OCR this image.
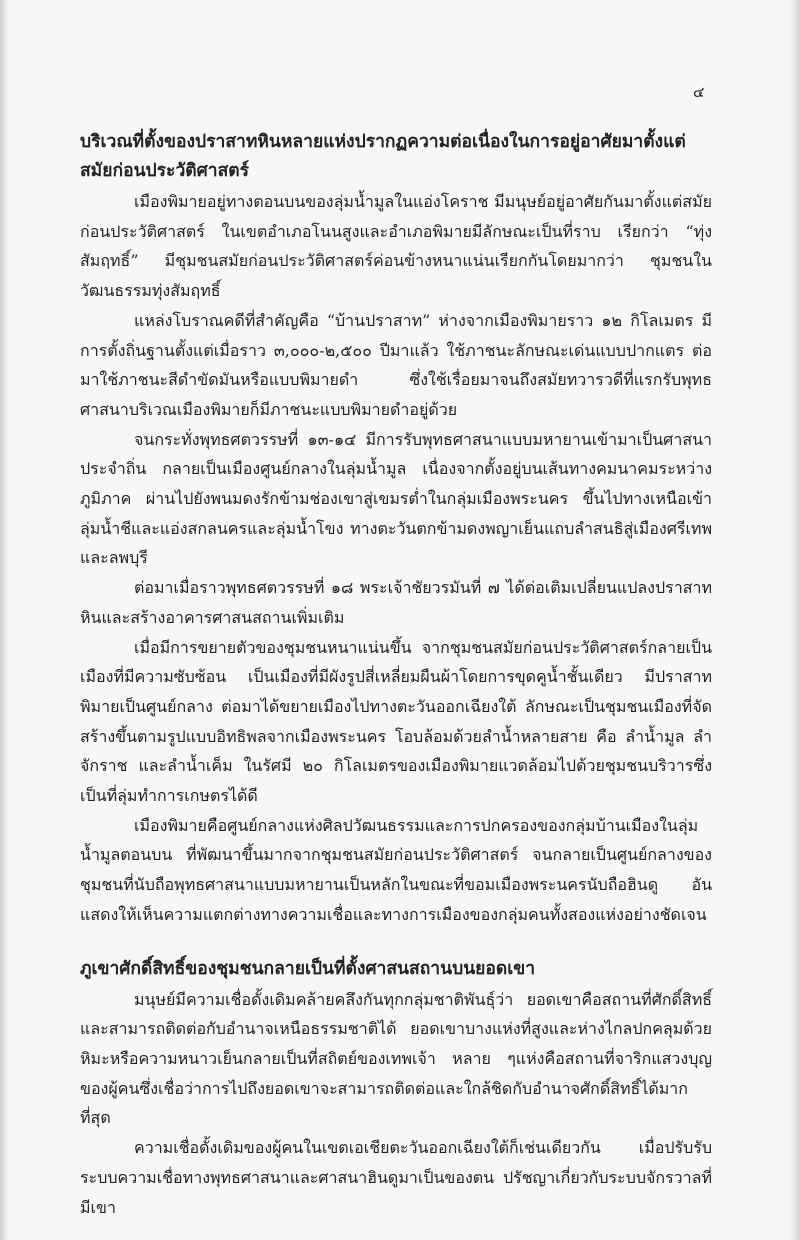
๔
บริเวณที่ตั้งของปราสาทหินหลายแห่งปรากฏความต่อเนื่องในการอยู่อาศัยมาตั้งแต่สมัยก่อนประวัติศาสตร์

เมืองพิมายอยู่ทางตอนบนของลุ่มน้ำมูลในแอ่งโคราช มีมนุษย์อยู่อาศัยกันมาตั้งแต่สมัยก่อนประวัติศาสตร์ ในเขตอำเภอโนนสูงและอำเภอพิมายมีลักษณะเป็นที่ราบ เรียกว่า “ทุ่งสัมฤทธิ์” มีชุมชนสมัยก่อนประวัติศาสตร์ค่อนข้างหนาแน่นเรียกกันโดยมากว่า ชุมชนในวัฒนธรรมทุ่งสัมฤทธิ์

แหล่งโบราณคดีที่สำคัญคือ “บ้านปราสาท” ห่างจากเมืองพิมายราว ๑๒ กิโลเมตร มีการตั้งถิ่นฐานตั้งแต่เมื่อราว ๓,๐๐๐-๒,๕๐๐ ปีมาแล้ว ใช้ภาชนะลักษณะเด่นแบบปากแตร ต่อมาใช้ภาชนะสีดำขัดมันหรือแบบพิมายดำ ซึ่งใช้เรื่อยมาจนถึงสมัยทวารวดีที่แรกรับพุทธศาสนาบริเวณเมืองพิมายก็มีภาชนะแบบพิมายดำอยู่ด้วย

จนกระทั่งพุทธศตวรรษที่ ๑๓-๑๔ มีการรับพุทธศาสนาแบบมหายานเข้ามาเป็นศาสนาประจำถิ่น กลายเป็นเมืองศูนย์กลางในลุ่มน้ำมูล เนื่องจากตั้งอยู่บนเส้นทางคมนาคมระหว่างภูมิภาค ผ่านไปยังพนมดงรักข้ามช่องเขาสู่เขมรต่ำในกลุ่มเมืองพระนคร ขึ้นไปทางเหนือเข้าลุ่มน้ำชีและแอ่งสกลนครและลุ่มน้ำโขง ทางตะวันตกข้ามดงพญาเย็นแถบลำสนธิสู่เมืองศรีเทพและลพบุรี

ต่อมาเมื่อราวพุทธศตวรรษที่ ๑๘ พระเจ้าชัยวรมันที่ ๗ ได้ต่อเติมเปลี่ยนแปลงปราสาทหินและสร้างอาคารศาสนสถานเพิ่มเติม

เมื่อมีการขยายตัวของชุมชนหนาแน่นขึ้น จากชุมชนสมัยก่อนประวัติศาสตร์กลายเป็นเมืองที่มีความซับซ้อน เป็นเมืองที่มีผังรูปสี่เหลี่ยมผืนผ้าโดยการขุดคูน้ำชั้นเดียว มีปราสาทพิมายเป็นศูนย์กลาง ต่อมาได้ขยายเมืองไปทางตะวันออกเฉียงใต้ ลักษณะเป็นชุมชนเมืองที่จัดสร้างขึ้นตามรูปแบบอิทธิพลจากเมืองพระนคร โอบล้อมด้วยลำน้ำหลายสาย คือ ลำน้ำมูล ลำจักราช และลำน้ำเค็ม ในรัศมี ๒๐ กิโลเมตรของเมืองพิมายแวดล้อมไปด้วยชุมชนบริวารซึ่งเป็นที่ลุ่มทำการเกษตรได้ดี

เมืองพิมายคือศูนย์กลางแห่งศิลปวัฒนธรรมและการปกครองของกลุ่มบ้านเมืองในลุ่มน้ำมูลตอนบน ที่พัฒนาขึ้นมากจากชุมชนสมัยก่อนประวัติศาสตร์ จนกลายเป็นศูนย์กลางของชุมชนที่นับถือพุทธศาสนาแบบมหายานเป็นหลักในขณะที่ขอมเมืองพระนครนับถือฮินดู อันแสดงให้เห็นความแตกต่างทางความเชื่อและทางการเมืองของกลุ่มคนทั้งสองแห่งอย่างชัดเจน

ภูเขาศักดิ์สิทธิ์ของชุมชนกลายเป็นที่ตั้งศาสนสถานบนยอดเขา

มนุษย์มีความเชื่อดั้งเดิมคล้ายคลึงกันทุกกลุ่มชาติพันธุ์ว่า ยอดเขาคือสถานที่ศักดิ์สิทธิ์และสามารถติดต่อกับอำนาจเหนือธรรมชาติได้ ยอดเขาบางแห่งที่สูงและห่างไกลปกคลุมด้วยหิมะหรือความหนาวเย็นกลายเป็นที่สถิตย์ของเทพเจ้า หลาย ๆแห่งคือสถานที่จาริกแสวงบุญของผู้คนซึ่งเชื่อว่าการไปถึงยอดเขาจะสามารถติดต่อและใกล้ชิดกับอำนาจศักดิ์สิทธิ์ได้มากที่สุด

ความเชื่อดั้งเดิมของผู้คนในเขตเอเชียตะวันออกเฉียงใต้ก็เช่นเดียวกัน เมื่อปรับรับระบบความเชื่อทางพุทธศาสนาและศาสนาฮินดูมาเป็นของตน ปรัชญาเกี่ยวกับระบบจักรวาลที่มีเขา
